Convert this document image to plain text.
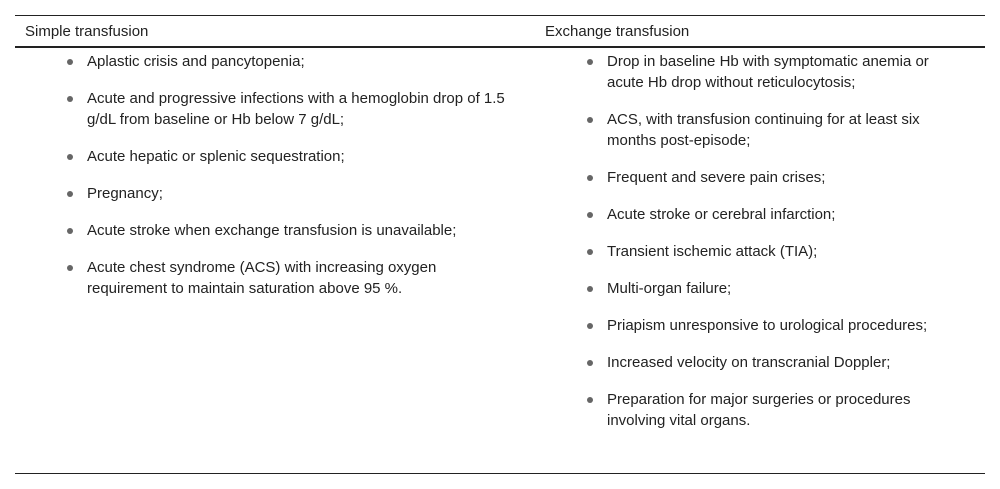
Simple transfusion	Exchange transfusion
Aplastic crisis and pancytopenia;
Acute and progressive infections with a hemoglobin drop of 1.5 g/dL from baseline or Hb below 7 g/dL;
Acute hepatic or splenic sequestration;
Pregnancy;
Acute stroke when exchange transfusion is unavailable;
Acute chest syndrome (ACS) with increasing oxygen requirement to maintain saturation above 95 %.
Drop in baseline Hb with symptomatic anemia or acute Hb drop without reticulocytosis;
ACS, with transfusion continuing for at least six months post-episode;
Frequent and severe pain crises;
Acute stroke or cerebral infarction;
Transient ischemic attack (TIA);
Multi-organ failure;
Priapism unresponsive to urological procedures;
Increased velocity on transcranial Doppler;
Preparation for major surgeries or procedures involving vital organs.
